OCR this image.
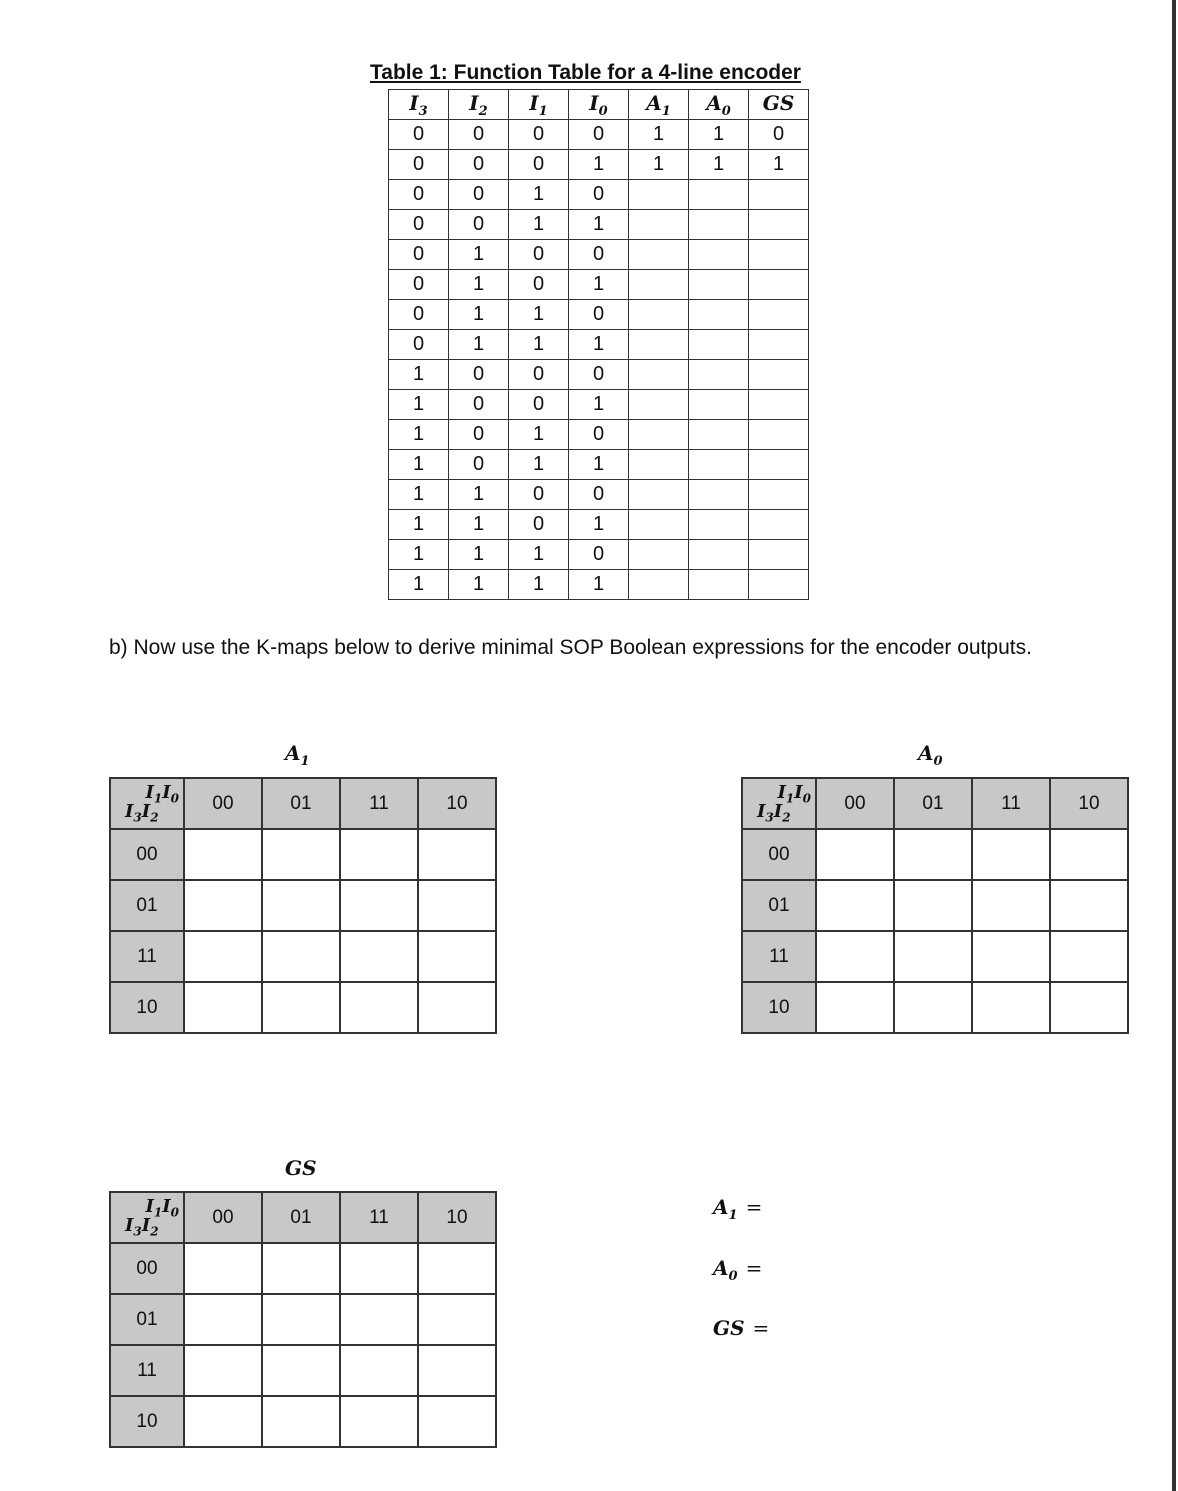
Table 1: Function Table for a 4-line encoder
$I_3$	$I_2$	$I_1$	$I_0$	$A_1$	$A_0$	GS
0	0	0	0	1	1	0
0	0	0	1	1	1	1
0	0	1	0			
0	0	1	1			
0	1	0	0			
0	1	0	1			
0	1	1	0			
0	1	1	1			
1	0	0	0			
1	0	0	1			
1	0	1	0			
1	0	1	1			
1	1	0	0			
1	1	0	1			
1	1	1	0			
1	1	1	1			
b) Now use the K-maps below to derive minimal SOP Boolean expressions for the encoder outputs.
$A_1$
$I_1I_0$
$I_3I_2$	00	01	11	10
00				
01				
11				
10				
$A_0$
$I_1I_0$
$I_3I_2$	00	01	11	10
00				
01				
11				
10				
GS
$I_1I_0$
$I_3I_2$	00	01	11	10
00				
01				
11				
10				
$A_1$ =
$A_0$ =
GS =
